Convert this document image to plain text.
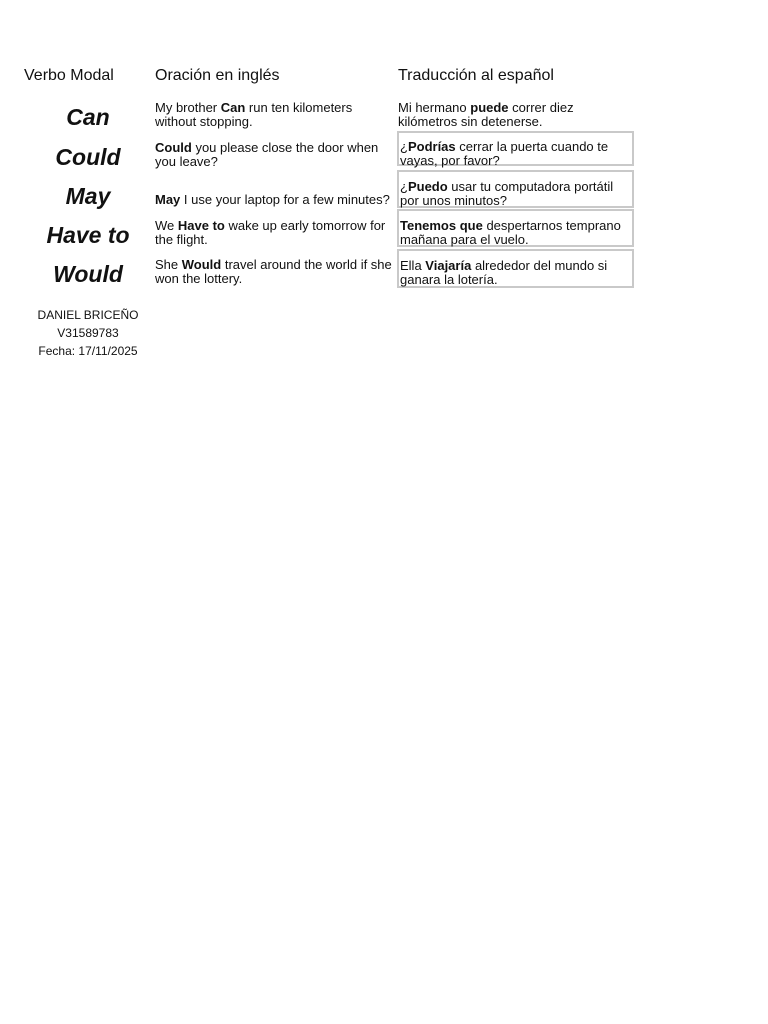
Verbo Modal	Oración en inglés	Traducción al español
Can
Could
May
Have to
Would
My brother Can run ten kilometers without stopping.
Could you please close the door when you leave?
May I use your laptop for a few minutes?
We Have to wake up early tomorrow for the flight.
She Would travel around the world if she won the lottery.
Mi hermano puede correr diez kilómetros sin detenerse.
¿Podrías cerrar la puerta cuando te vayas, por favor?
¿Puedo usar tu computadora portátil por unos minutos?
Tenemos que despertarnos temprano mañana para el vuelo.
Ella Viajaría alrededor del mundo si ganara la lotería.
DANIEL BRICEÑO
V31589783
Fecha: 17/11/2025
